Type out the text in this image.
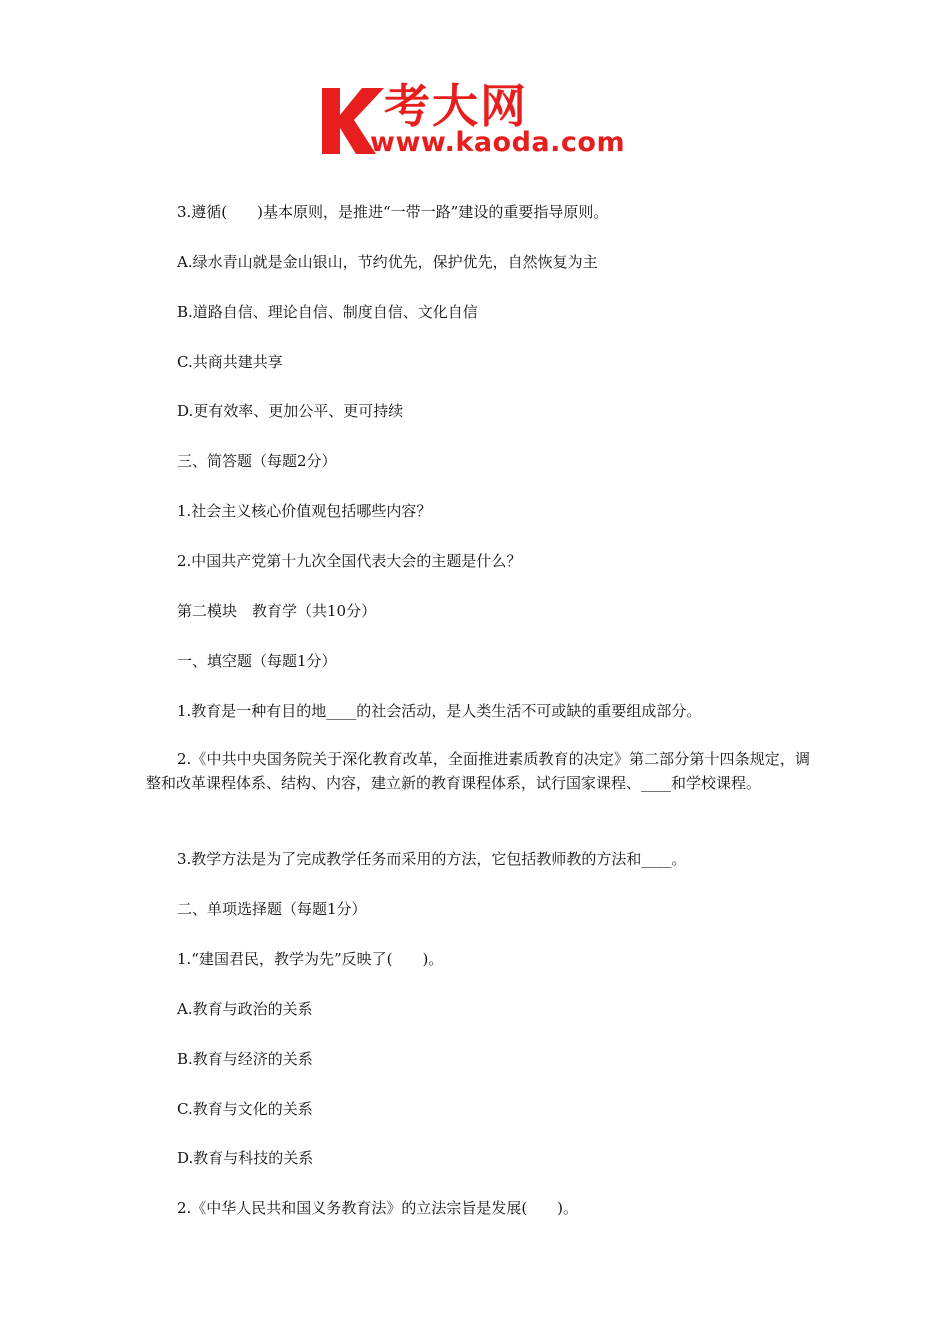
考大网
www.kaoda.com
3.遵循(　　)基本原则，是推进“一带一路”建设的重要指导原则。
A.绿水青山就是金山银山，节约优先，保护优先，自然恢复为主
B.道路自信、理论自信、制度自信、文化自信
C.共商共建共享
D.更有效率、更加公平、更可持续
三、简答题（每题2分）
1.社会主义核心价值观包括哪些内容？
2.中国共产党第十九次全国代表大会的主题是什么？
第二模块　教育学（共10分）
一、填空题（每题1分）
1.教育是一种有目的地____的社会活动，是人类生活不可或缺的重要组成部分。
2.《中共中央国务院关于深化教育改革，全面推进素质教育的决定》第二部分第十四条规定，调整和改革课程体系、结构、内容，建立新的教育课程体系，试行国家课程、____和学校课程。
3.教学方法是为了完成教学任务而采用的方法，它包括教师教的方法和____。
二、单项选择题（每题1分）
1.“建国君民，教学为先”反映了(　　)。
A.教育与政治的关系
B.教育与经济的关系
C.教育与文化的关系
D.教育与科技的关系
2.《中华人民共和国义务教育法》的立法宗旨是发展(　　)。
